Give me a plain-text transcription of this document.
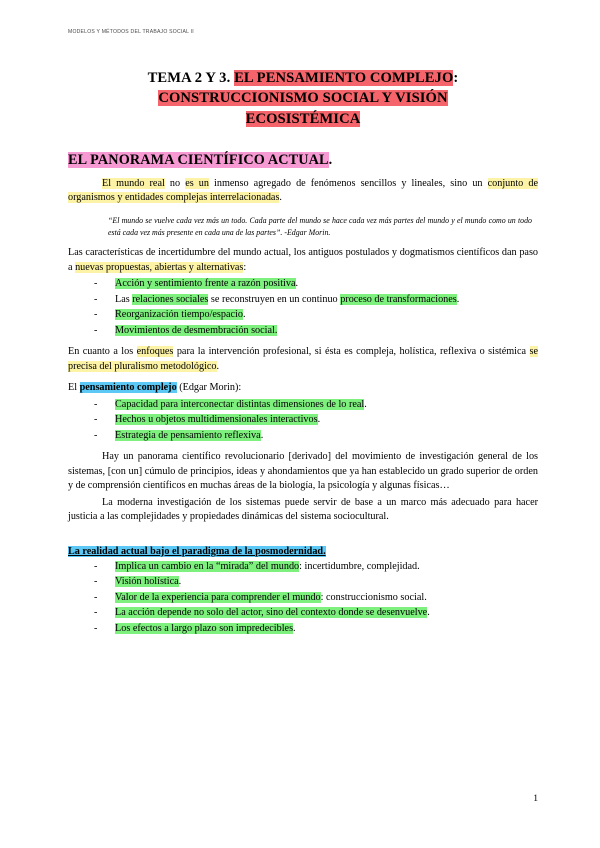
MODELOS Y MÉTODOS DEL TRABAJO SOCIAL II
TEMA 2 Y 3. EL PENSAMIENTO COMPLEJO:
CONSTRUCCIONISMO SOCIAL Y VISIÓN
ECOSISTÉMICA
EL PANORAMA CIENTÍFICO ACTUAL.

El mundo real no es un inmenso agregado de fenómenos sencillos y lineales, sino un conjunto de organismos y entidades complejas interrelacionadas.

“El mundo se vuelve cada vez más un todo. Cada parte del mundo se hace cada vez más partes del mundo y el mundo como un todo está cada vez más presente en cada una de las partes”. -Edgar Morin.

Las características de incertidumbre del mundo actual, los antiguos postulados y dogmatismos científicos dan paso a nuevas propuestas, abiertas y alternativas:

- Acción y sentimiento frente a razón positiva.
- Las relaciones sociales se reconstruyen en un continuo proceso de transformaciones.
- Reorganización tiempo/espacio.
- Movimientos de desmembración social.

En cuanto a los enfoques para la intervención profesional, si ésta es compleja, holística, reflexiva o sistémica se precisa del pluralismo metodológico.

El pensamiento complejo (Edgar Morin):

- Capacidad para interconectar distintas dimensiones de lo real.
- Hechos u objetos multidimensionales interactivos.
- Estrategia de pensamiento reflexiva.

Hay un panorama científico revolucionario [derivado] del movimiento de investigación general de los sistemas, [con un] cúmulo de principios, ideas y ahondamientos que ya han establecido un grado superior de orden y de comprensión científicos en muchas áreas de la biología, la psicología y algunas físicas…

La moderna investigación de los sistemas puede servir de base a un marco más adecuado para hacer justicia a las complejidades y propiedades dinámicas del sistema sociocultural.

La realidad actual bajo el paradigma de la posmodernidad.
- Implica un cambio en la “mirada” del mundo: incertidumbre, complejidad.
- Visión holística.
- Valor de la experiencia para comprender el mundo: construccionismo social.
- La acción depende no solo del actor, sino del contexto donde se desenvuelve.
- Los efectos a largo plazo son impredecibles.
1
